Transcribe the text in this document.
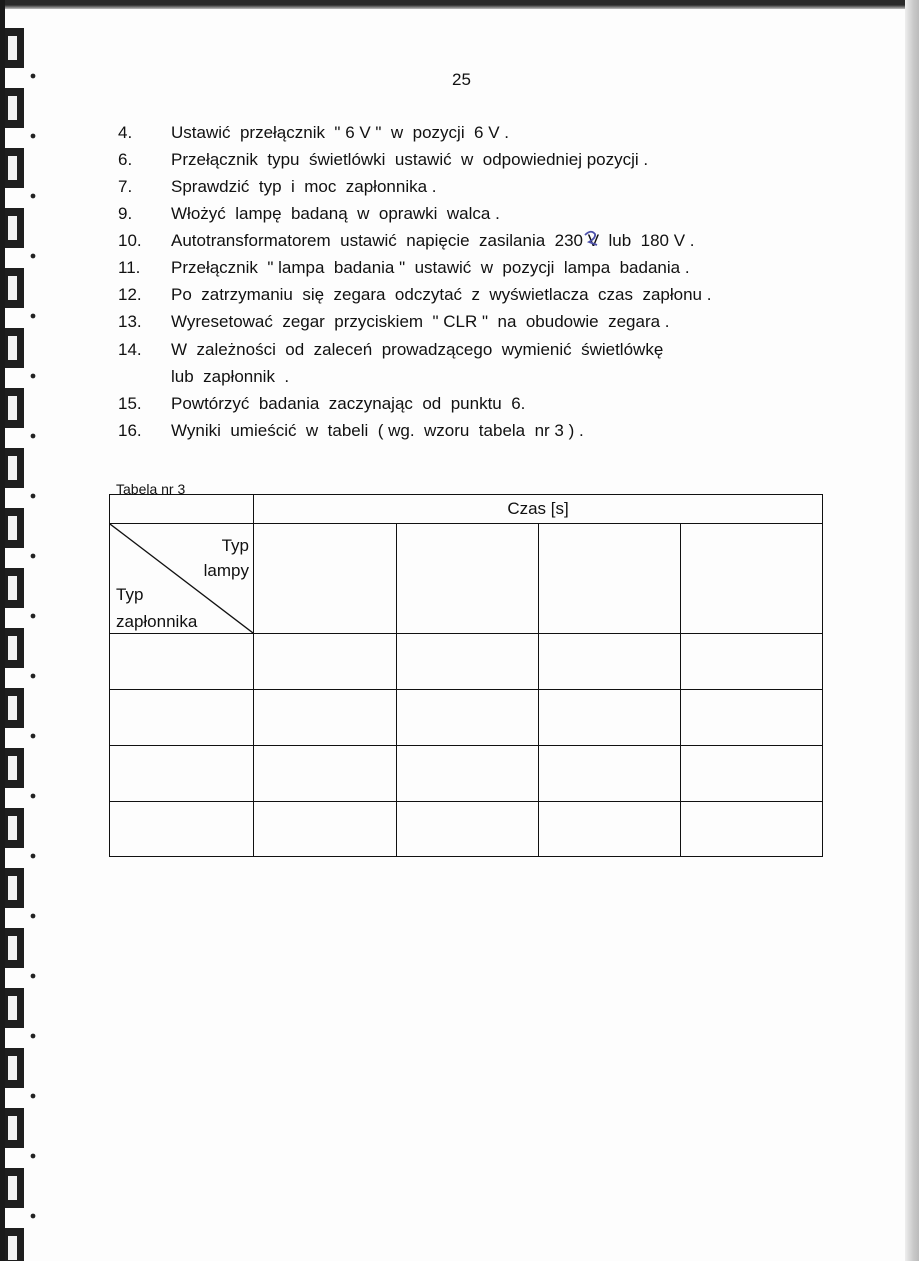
25
4. Ustawić  przełącznik  " 6 V "  w  pozycji  6 V .
6. Przełącznik  typu  świetlówki  ustawić  w  odpowiedniej pozycji .
7. Sprawdzić  typ  i  moc  zapłonnika .
9. Włożyć  lampę  badaną  w  oprawki  walca .
10. Autotransformatorem  ustawić  napięcie  zasilania  230 V  lub  180 V .
11. Przełącznik  " lampa  badania "  ustawić  w  pozycji  lampa  badania .
12. Po  zatrzymaniu  się  zegara  odczytać  z  wyświetlacza  czas  zapłonu .
13. Wyresetować  zegar  przyciskiem  " CLR "  na  obudowie  zegara .
14. W  zależności  od  zaleceń  prowadzącego  wymienić  świetlówkę
lub  zapłonnik  .
15. Powtórzyć  badania  zaczynając  od  punktu  6.
16. Wyniki  umieścić  w  tabeli  ( wg.  wzoru  tabela  nr 3 ) .
Tabela nr 3
	Czas [s]			

Typ
lampy
Typ
zapłonnika				
